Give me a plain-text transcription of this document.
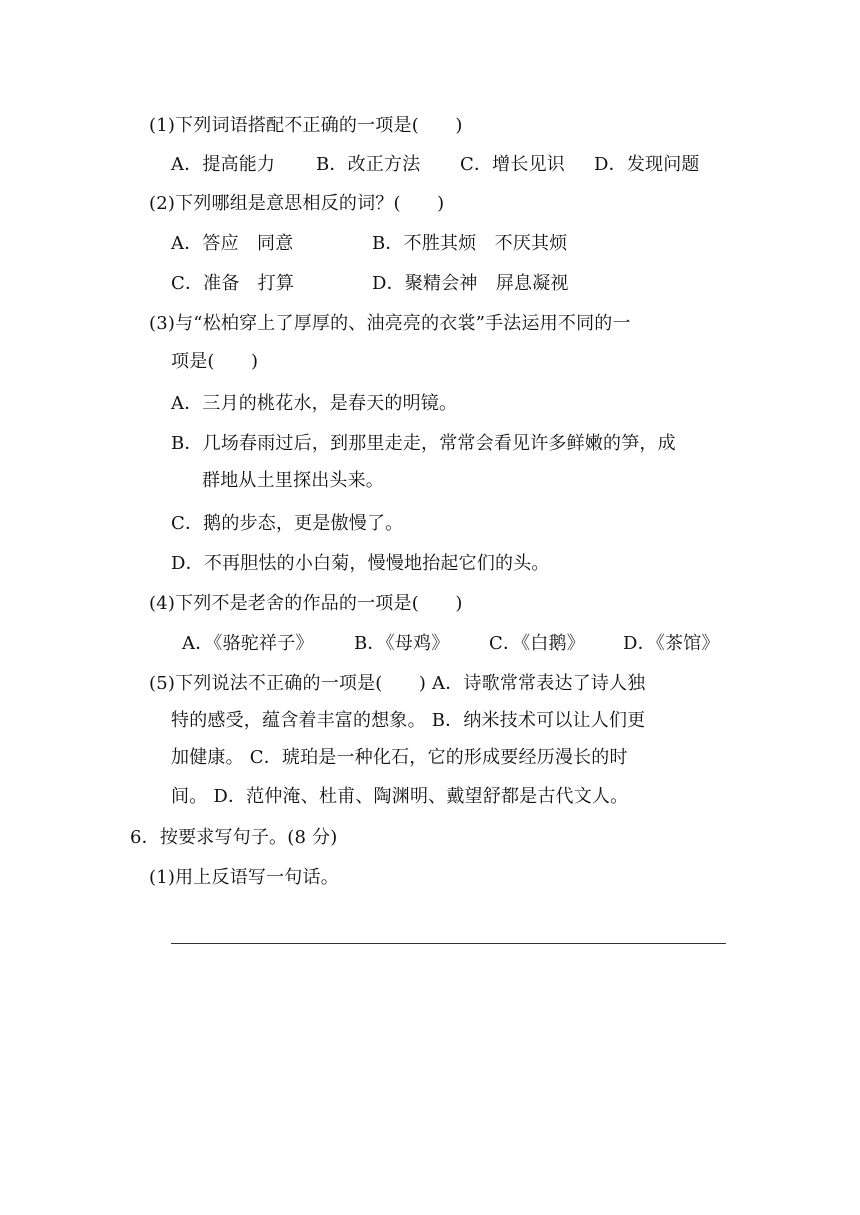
(1)下列词语搭配不正确的一项是(　　)
A．提高能力 B．改正方法 C．增长见识 D．发现问题
(2)下列哪组是意思相反的词？(　　)
A．答应　同意	B．不胜其烦　不厌其烦
C．准备　打算	D．聚精会神　屏息凝视
(3)与“松柏穿上了厚厚的、油亮亮的衣裳”手法运用不同的一
项是(　　)
A．三月的桃花水，是春天的明镜。
B．几场春雨过后，到那里走走，常常会看见许多鲜嫩的笋，成
群地从土里探出头来。
C．鹅的步态，更是傲慢了。
D．不再胆怯的小白菊，慢慢地抬起它们的头。
(4)下列不是老舍的作品的一项是(　　)
A．《骆驼祥子》 B．《母鸡》 C．《白鹅》 D．《茶馆》
(5)下列说法不正确的一项是(　　) A．诗歌常常表达了诗人独
特的感受，蕴含着丰富的想象。 B．纳米技术可以让人们更
加健康。 C．琥珀是一种化石，它的形成要经历漫长的时
间。 D．范仲淹、杜甫、陶渊明、戴望舒都是古代文人。
6．按要求写句子。(8 分)
(1)用上反语写一句话。
